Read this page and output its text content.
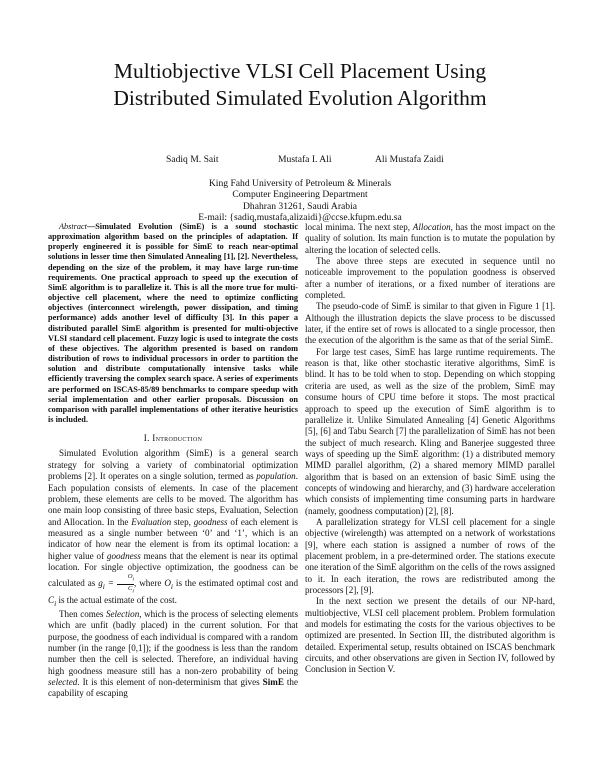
Multiobjective VLSI Cell Placement Using
Distributed Simulated Evolution Algorithm
Sadiq M. Sait	Mustafa I. Ali	Ali Mustafa Zaidi
King Fahd University of Petroleum & Minerals
Computer Engineering Department
Dhahran 31261, Saudi Arabia
E-mail: {sadiq,mustafa,alizaidi}@ccse.kfupm.edu.sa

Abstract—Simulated Evolution (SimE) is a sound stochastic approximation algorithm based on the principles of adaptation. If properly engineered it is possible for SimE to reach near-optimal solutions in lesser time then Simulated Annealing [1], [2]. Nevertheless, depending on the size of the problem, it may have large run-time requirements. One practical approach to speed up the execution of SimE algorithm is to parallelize it. This is all the more true for multi-objective cell placement, where the need to optimize conflicting objectives (interconnect wirelength, power dissipation, and timing performance) adds another level of difficulty [3]. In this paper a distributed parallel SimE algorithm is presented for multi-objective VLSI standard cell placement. Fuzzy logic is used to integrate the costs of these objectives. The algorithm presented is based on random distribution of rows to individual processors in order to partition the solution and distribute computationally intensive tasks while efficiently traversing the complex search space. A series of experiments are performed on ISCAS-85/89 benchmarks to compare speedup with serial implementation and other earlier proposals. Discussion on comparison with parallel implementations of other iterative heuristics is included.

I. Introduction

Simulated Evolution algorithm (SimE) is a general search strategy for solving a variety of combinatorial optimization problems [2]. It operates on a single solution, termed as population. Each population consists of elements. In case of the placement problem, these elements are cells to be moved. The algorithm has one main loop consisting of three basic steps, Evaluation, Selection and Allocation. In the Evaluation step, goodness of each element is measured as a single number between ‘0’ and ‘1’, which is an indicator of how near the element is from its optimal location: a higher value of goodness means that the element is near its optimal location. For single objective optimization, the goodness can be calculated as $g_i = \frac{O_i}{C_i}$ , where $O_i$ is the estimated optimal cost and $C_i$ is the actual estimate of the cost.

Then comes Selection, which is the process of selecting elements which are unfit (badly placed) in the current solution. For that purpose, the goodness of each individual is compared with a random number (in the range [0,1]); if the goodness is less than the random number then the cell is selected. Therefore, an individual having high goodness measure still has a non-zero probability of being selected. It is this element of non-determinism that gives SimE the capability of escaping

local minima. The next step, Allocation, has the most impact on the quality of solution. Its main function is to mutate the population by altering the location of selected cells.

The above three steps are executed in sequence until no noticeable improvement to the population goodness is observed after a number of iterations, or a fixed number of iterations are completed.

The pseudo-code of SimE is similar to that given in Figure 1 [1]. Although the illustration depicts the slave process to be discussed later, if the entire set of rows is allocated to a single processor, then the execution of the algorithm is the same as that of the serial SimE.

For large test cases, SimE has large runtime requirements. The reason is that, like other stochastic iterative algorithms, SimE is blind. It has to be told when to stop. Depending on which stopping criteria are used, as well as the size of the problem, SimE may consume hours of CPU time before it stops. The most practical approach to speed up the execution of SimE algorithm is to parallelize it. Unlike Simulated Annealing [4] Genetic Algorithms [5], [6] and Tabu Search [7] the parallelization of SimE has not been the subject of much research. Kling and Banerjee suggested three ways of speeding up the SimE algorithm: (1) a distributed memory MIMD parallel algorithm, (2) a shared memory MIMD parallel algorithm that is based on an extension of basic SimE using the concepts of windowing and hierarchy, and (3) hardware acceleration which consists of implementing time consuming parts in hardware (namely, goodness computation) [2], [8].

A parallelization strategy for VLSI cell placement for a single objective (wirelength) was attempted on a network of workstations [9], where each station is assigned a number of rows of the placement problem, in a pre-determined order. The stations execute one iteration of the SimE algorithm on the cells of the rows assigned to it. In each iteration, the rows are redistributed among the processors [2], [9].

In the next section we present the details of our NP-hard, multiobjective, VLSI cell placement problem. Problem formulation and models for estimating the costs for the various objectives to be optimized are presented. In Section III, the distributed algorithm is detailed. Experimental setup, results obtained on ISCAS benchmark circuits, and other observations are given in Section IV, followed by Conclusion in Section V.
